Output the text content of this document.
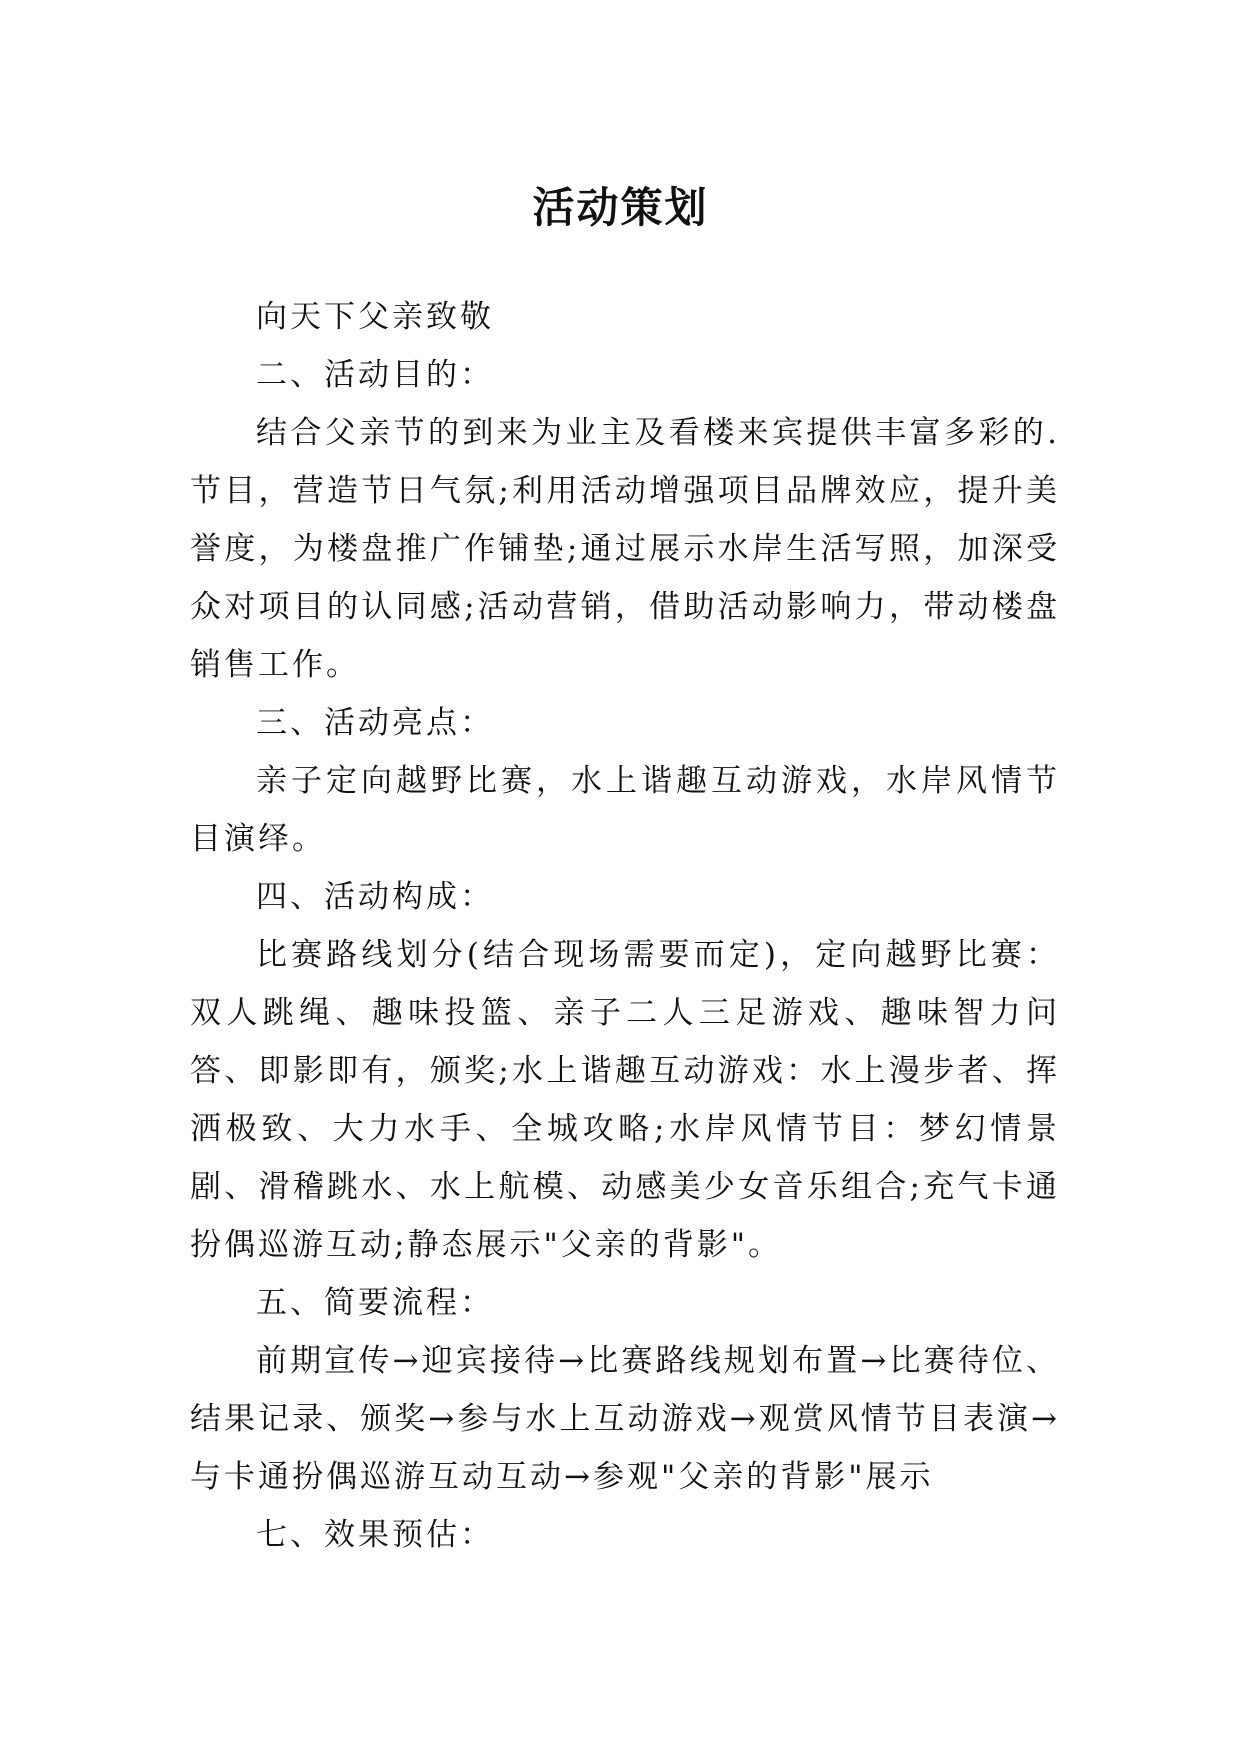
活动策划

向天下父亲致敬

二、活动目的：

结合父亲节的到来为业主及看楼来宾提供丰富多彩的.节目，营造节日气氛;利用活动增强项目品牌效应，提升美誉度，为楼盘推广作铺垫;通过展示水岸生活写照，加深受众对项目的认同感;活动营销，借助活动影响力，带动楼盘销售工作。

三、活动亮点：

亲子定向越野比赛，水上谐趣互动游戏，水岸风情节目演绎。

四、活动构成：

比赛路线划分(结合现场需要而定)，定向越野比赛：双人跳绳、趣味投篮、亲子二人三足游戏、趣味智力问答、即影即有，颁奖;水上谐趣互动游戏：水上漫步者、挥洒极致、大力水手、全城攻略;水岸风情节目：梦幻情景剧、滑稽跳水、水上航模、动感美少女音乐组合;充气卡通扮偶巡游互动;静态展示"父亲的背影"。

五、简要流程：

前期宣传→迎宾接待→比赛路线规划布置→比赛待位、结果记录、颁奖→参与水上互动游戏→观赏风情节目表演→与卡通扮偶巡游互动互动→参观"父亲的背影"展示

七、效果预估：
